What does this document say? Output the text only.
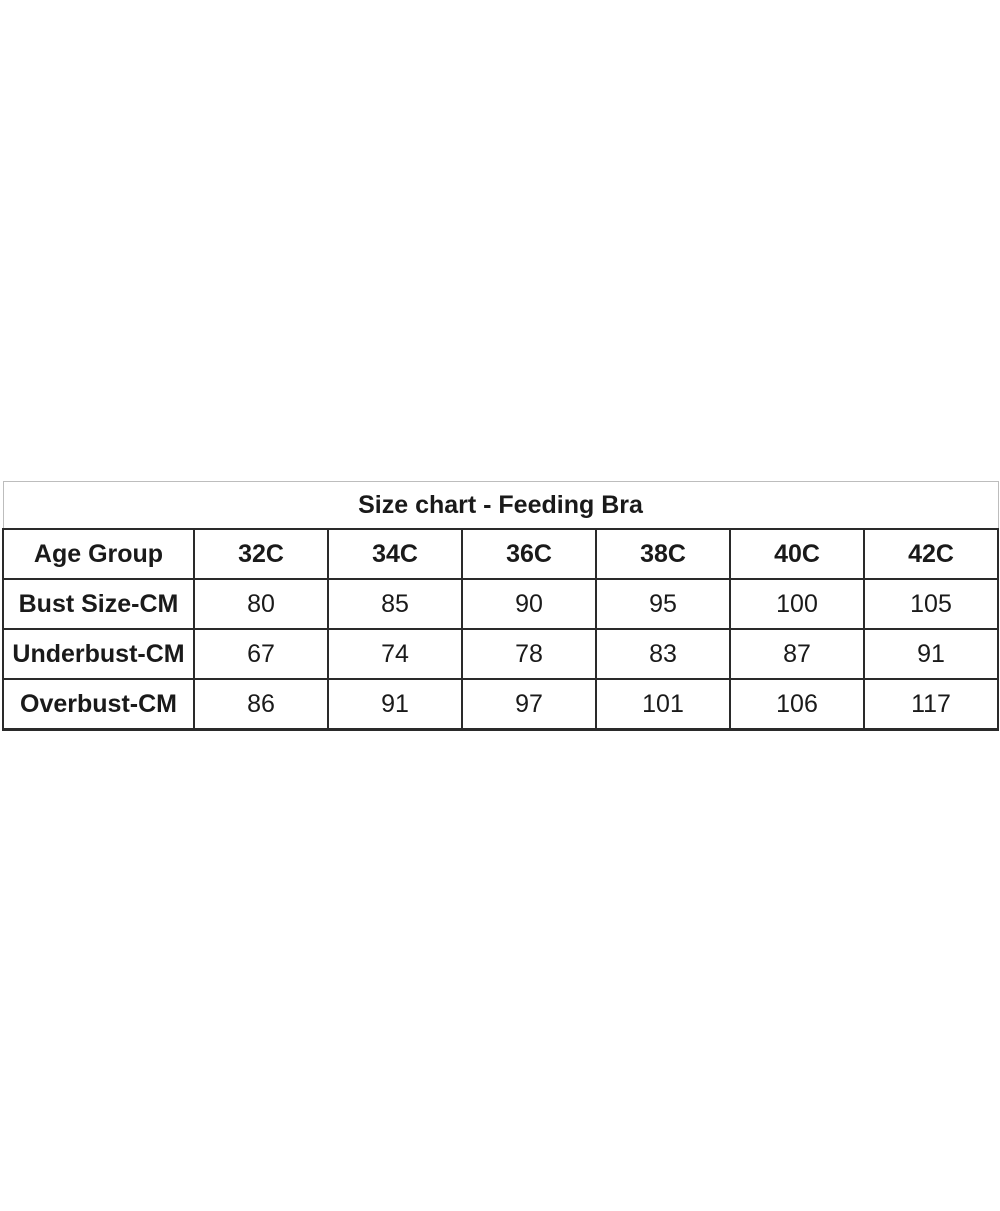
Size chart - Feeding Bra						
Age Group	32C	34C	36C	38C	40C	42C
Bust Size-CM	80	85	90	95	100	105
Underbust-CM	67	74	78	83	87	91
Overbust-CM	86	91	97	101	106	117
